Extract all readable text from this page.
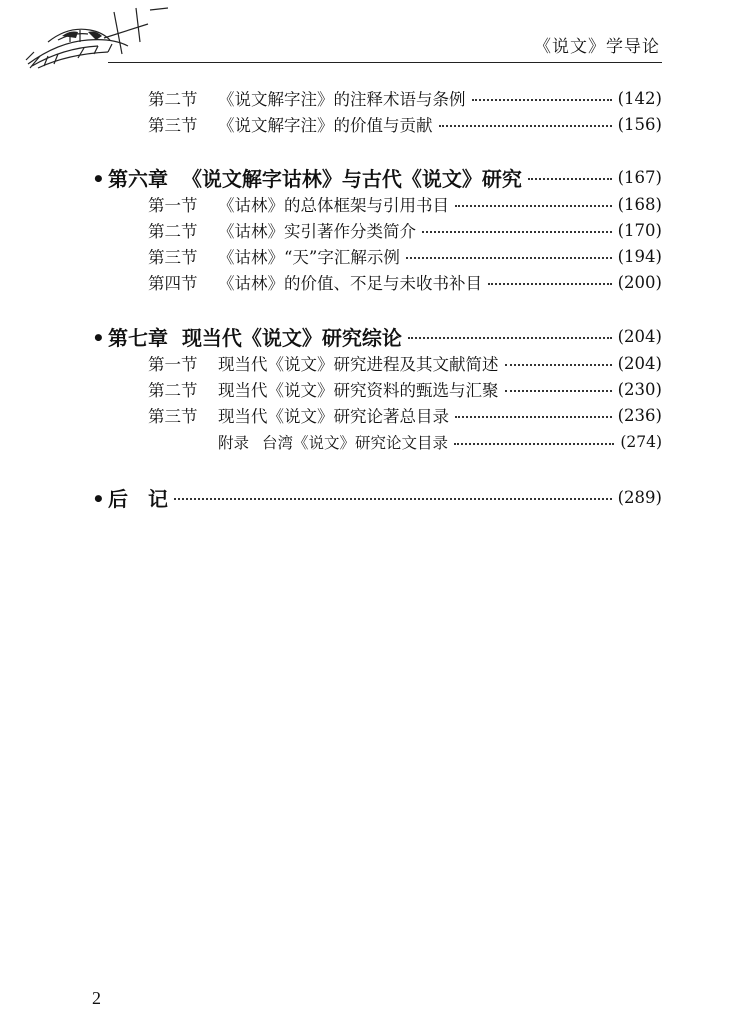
《说文》学导论
第二节 《说文解字注》的注释术语与条例	(142)
第三节 《说文解字注》的价值与贡献	(156)
• 第六章 《说文解字诂林》与古代《说文》研究	(167)
第一节 《诂林》的总体框架与引用书目	(168)
第二节 《诂林》实引著作分类简介	(170)
第三节 《诂林》“天”字汇解示例	(194)
第四节 《诂林》的价值、不足与未收书补目	(200)
• 第七章 现当代《说文》研究综论	(204)
第一节 现当代《说文》研究进程及其文献简述	(204)
第二节 现当代《说文》研究资料的甄选与汇聚	(230)
第三节 现当代《说文》研究论著总目录	(236)
附录 台湾《说文》研究论文目录	(274)
• 后　记	(289)
2
